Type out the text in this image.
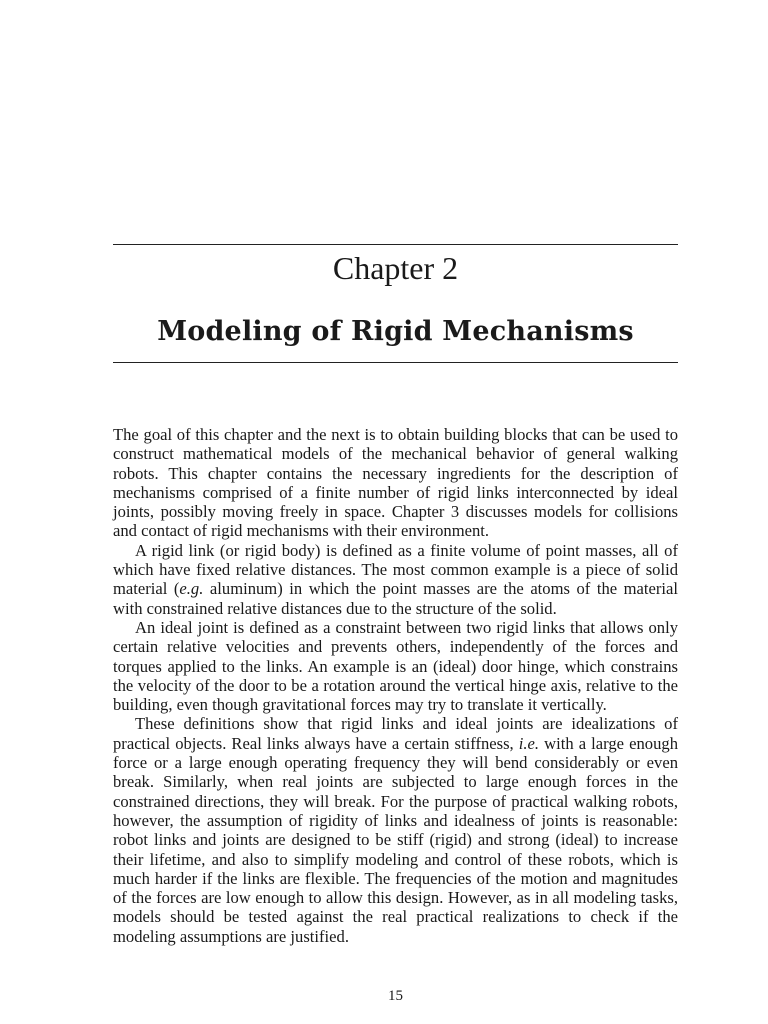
Chapter 2
Modeling of Rigid Mechanisms

The goal of this chapter and the next is to obtain building blocks that can be used to construct mathematical models of the mechanical behavior of general walking robots. This chapter contains the necessary ingredients for the description of mechanisms comprised of a finite number of rigid links interconnected by ideal joints, possibly moving freely in space. Chapter 3 discusses models for collisions and contact of rigid mechanisms with their environment.

A rigid link (or rigid body) is defined as a finite volume of point masses, all of which have fixed relative distances. The most common example is a piece of solid material (e.g. aluminum) in which the point masses are the atoms of the material with constrained relative distances due to the structure of the solid.

An ideal joint is defined as a constraint between two rigid links that allows only certain relative velocities and prevents others, independently of the forces and torques applied to the links. An example is an (ideal) door hinge, which constrains the velocity of the door to be a rotation around the vertical hinge axis, relative to the building, even though gravitational forces may try to translate it vertically.

These definitions show that rigid links and ideal joints are idealizations of practical objects. Real links always have a certain stiffness, i.e. with a large enough force or a large enough operating frequency they will bend considerably or even break. Similarly, when real joints are subjected to large enough forces in the constrained directions, they will break. For the purpose of practical walking robots, however, the assumption of rigidity of links and idealness of joints is reasonable: robot links and joints are designed to be stiff (rigid) and strong (ideal) to increase their lifetime, and also to simplify modeling and control of these robots, which is much harder if the links are flexible. The frequencies of the motion and magnitudes of the forces are low enough to allow this design. However, as in all modeling tasks, models should be tested against the real practical realizations to check if the modeling assumptions are justified.

15
